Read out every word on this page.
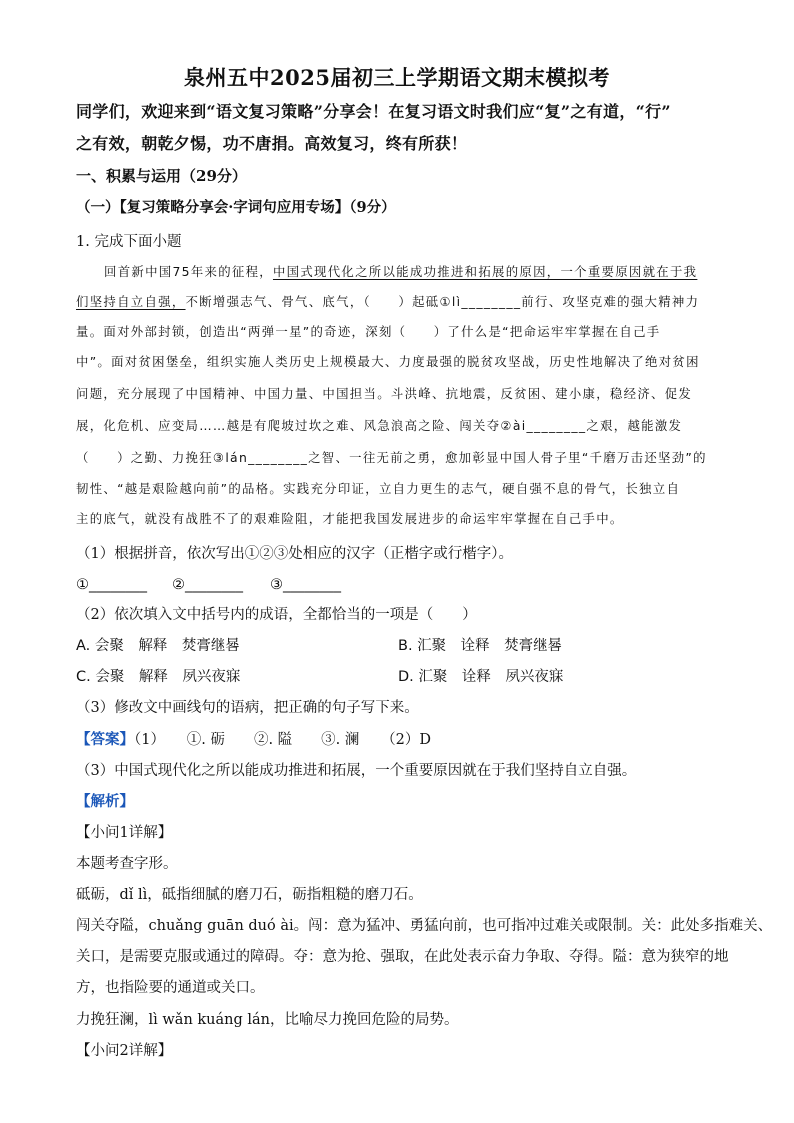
泉州五中2025届初三上学期语文期末模拟考
同学们，欢迎来到“语文复习策略”分享会！在复习语文时我们应“复”之有道，“行”
之有效，朝乾夕惕，功不唐捐。高效复习，终有所获！
一、积累与运用（29分）
（一）【复习策略分享会·字词句应用专场】（9分）
1. 完成下面小题
回首新中国75年来的征程，中国式现代化之所以能成功推进和拓展的原因，一个重要原因就在于我
们坚持自立自强，不断增强志气、骨气、底气，（　　）起砥①lì________前行、攻坚克难的强大精神力
量。面对外部封锁，创造出“两弹一星”的奇迹，深刻（　　）了什么是“把命运牢牢掌握在自己手
中”。面对贫困堡垒，组织实施人类历史上规模最大、力度最强的脱贫攻坚战，历史性地解决了绝对贫困
问题，充分展现了中国精神、中国力量、中国担当。斗洪峰、抗地震，反贫困、建小康，稳经济、促发
展，化危机、应变局……越是有爬坡过坎之难、风急浪高之险、闯关夺②ài________之艰，越能激发
（　　）之勤、力挽狂③lán________之智、一往无前之勇，愈加彰显中国人骨子里“千磨万击还坚劲”的
韧性、“越是艰险越向前”的品格。实践充分印证，立自力更生的志气，硬自强不息的骨气，长独立自
主的底气，就没有战胜不了的艰难险阻，才能把我国发展进步的命运牢牢掌握在自己手中。
（1）根据拼音，依次写出①②③处相应的汉字（正楷字或行楷字）。
①________ ②________ ③________
（2）依次填入文中括号内的成语，全都恰当的一项是（　　）
A. 会聚　解释　焚膏继晷	B. 汇聚　诠释　焚膏继晷
C. 会聚　解释　夙兴夜寐	D. 汇聚　诠释　夙兴夜寐
（3）修改文中画线句的语病，把正确的句子写下来。
【答案】（1）　　①. 砺　　②. 隘　　③. 澜　　（2）D
（3）中国式现代化之所以能成功推进和拓展，一个重要原因就在于我们坚持自立自强。
【解析】
【小问1详解】
本题考查字形。
砥砺，dǐ lì，砥指细腻的磨刀石，砺指粗糙的磨刀石。
闯关夺隘，chuǎng guān duó ài。闯：意为猛冲、勇猛向前，也可指冲过难关或限制。关：此处多指难关、
关口，是需要克服或通过的障碍。夺：意为抢、强取，在此处表示奋力争取、夺得。隘：意为狭窄的地
方，也指险要的通道或关口。
力挽狂澜，lì wǎn kuáng lán，比喻尽力挽回危险的局势。
【小问2详解】
